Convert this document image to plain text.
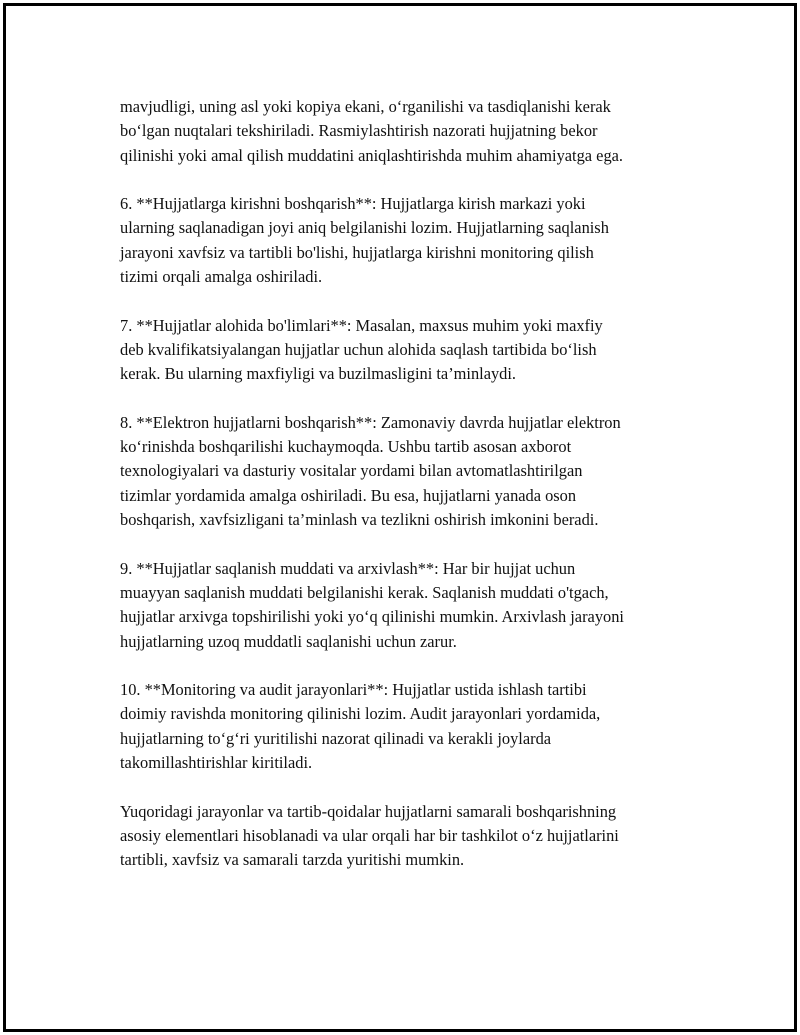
mavjudligi, uning asl yoki kopiya ekani, o‘rganilishi va tasdiqlanishi kerak
bo‘lgan nuqtalari tekshiriladi. Rasmiylashtirish nazorati hujjatning bekor
qilinishi yoki amal qilish muddatini aniqlashtirishda muhim ahamiyatga ega.

6. **Hujjatlarga kirishni boshqarish**: Hujjatlarga kirish markazi yoki
ularning saqlanadigan joyi aniq belgilanishi lozim. Hujjatlarning saqlanish
jarayoni xavfsiz va tartibli bo'lishi, hujjatlarga kirishni monitoring qilish
tizimi orqali amalga oshiriladi.

7. **Hujjatlar alohida bo'limlari**: Masalan, maxsus muhim yoki maxfiy
deb kvalifikatsiyalangan hujjatlar uchun alohida saqlash tartibida bo‘lish
kerak. Bu ularning maxfiyligi va buzilmasligini ta’minlaydi.

8. **Elektron hujjatlarni boshqarish**: Zamonaviy davrda hujjatlar elektron
ko‘rinishda boshqarilishi kuchaymoqda. Ushbu tartib asosan axborot
texnologiyalari va dasturiy vositalar yordami bilan avtomatlashtirilgan
tizimlar yordamida amalga oshiriladi. Bu esa, hujjatlarni yanada oson
boshqarish, xavfsizligani ta’minlash va tezlikni oshirish imkonini beradi.

9. **Hujjatlar saqlanish muddati va arxivlash**: Har bir hujjat uchun
muayyan saqlanish muddati belgilanishi kerak. Saqlanish muddati o'tgach,
hujjatlar arxivga topshirilishi yoki yo‘q qilinishi mumkin. Arxivlash jarayoni
hujjatlarning uzoq muddatli saqlanishi uchun zarur.

10. **Monitoring va audit jarayonlari**: Hujjatlar ustida ishlash tartibi
doimiy ravishda monitoring qilinishi lozim. Audit jarayonlari yordamida,
hujjatlarning to‘g‘ri yuritilishi nazorat qilinadi va kerakli joylarda
takomillashtirishlar kiritiladi.

Yuqoridagi jarayonlar va tartib-qoidalar hujjatlarni samarali boshqarishning
asosiy elementlari hisoblanadi va ular orqali har bir tashkilot o‘z hujjatlarini
tartibli, xavfsiz va samarali tarzda yuritishi mumkin.
